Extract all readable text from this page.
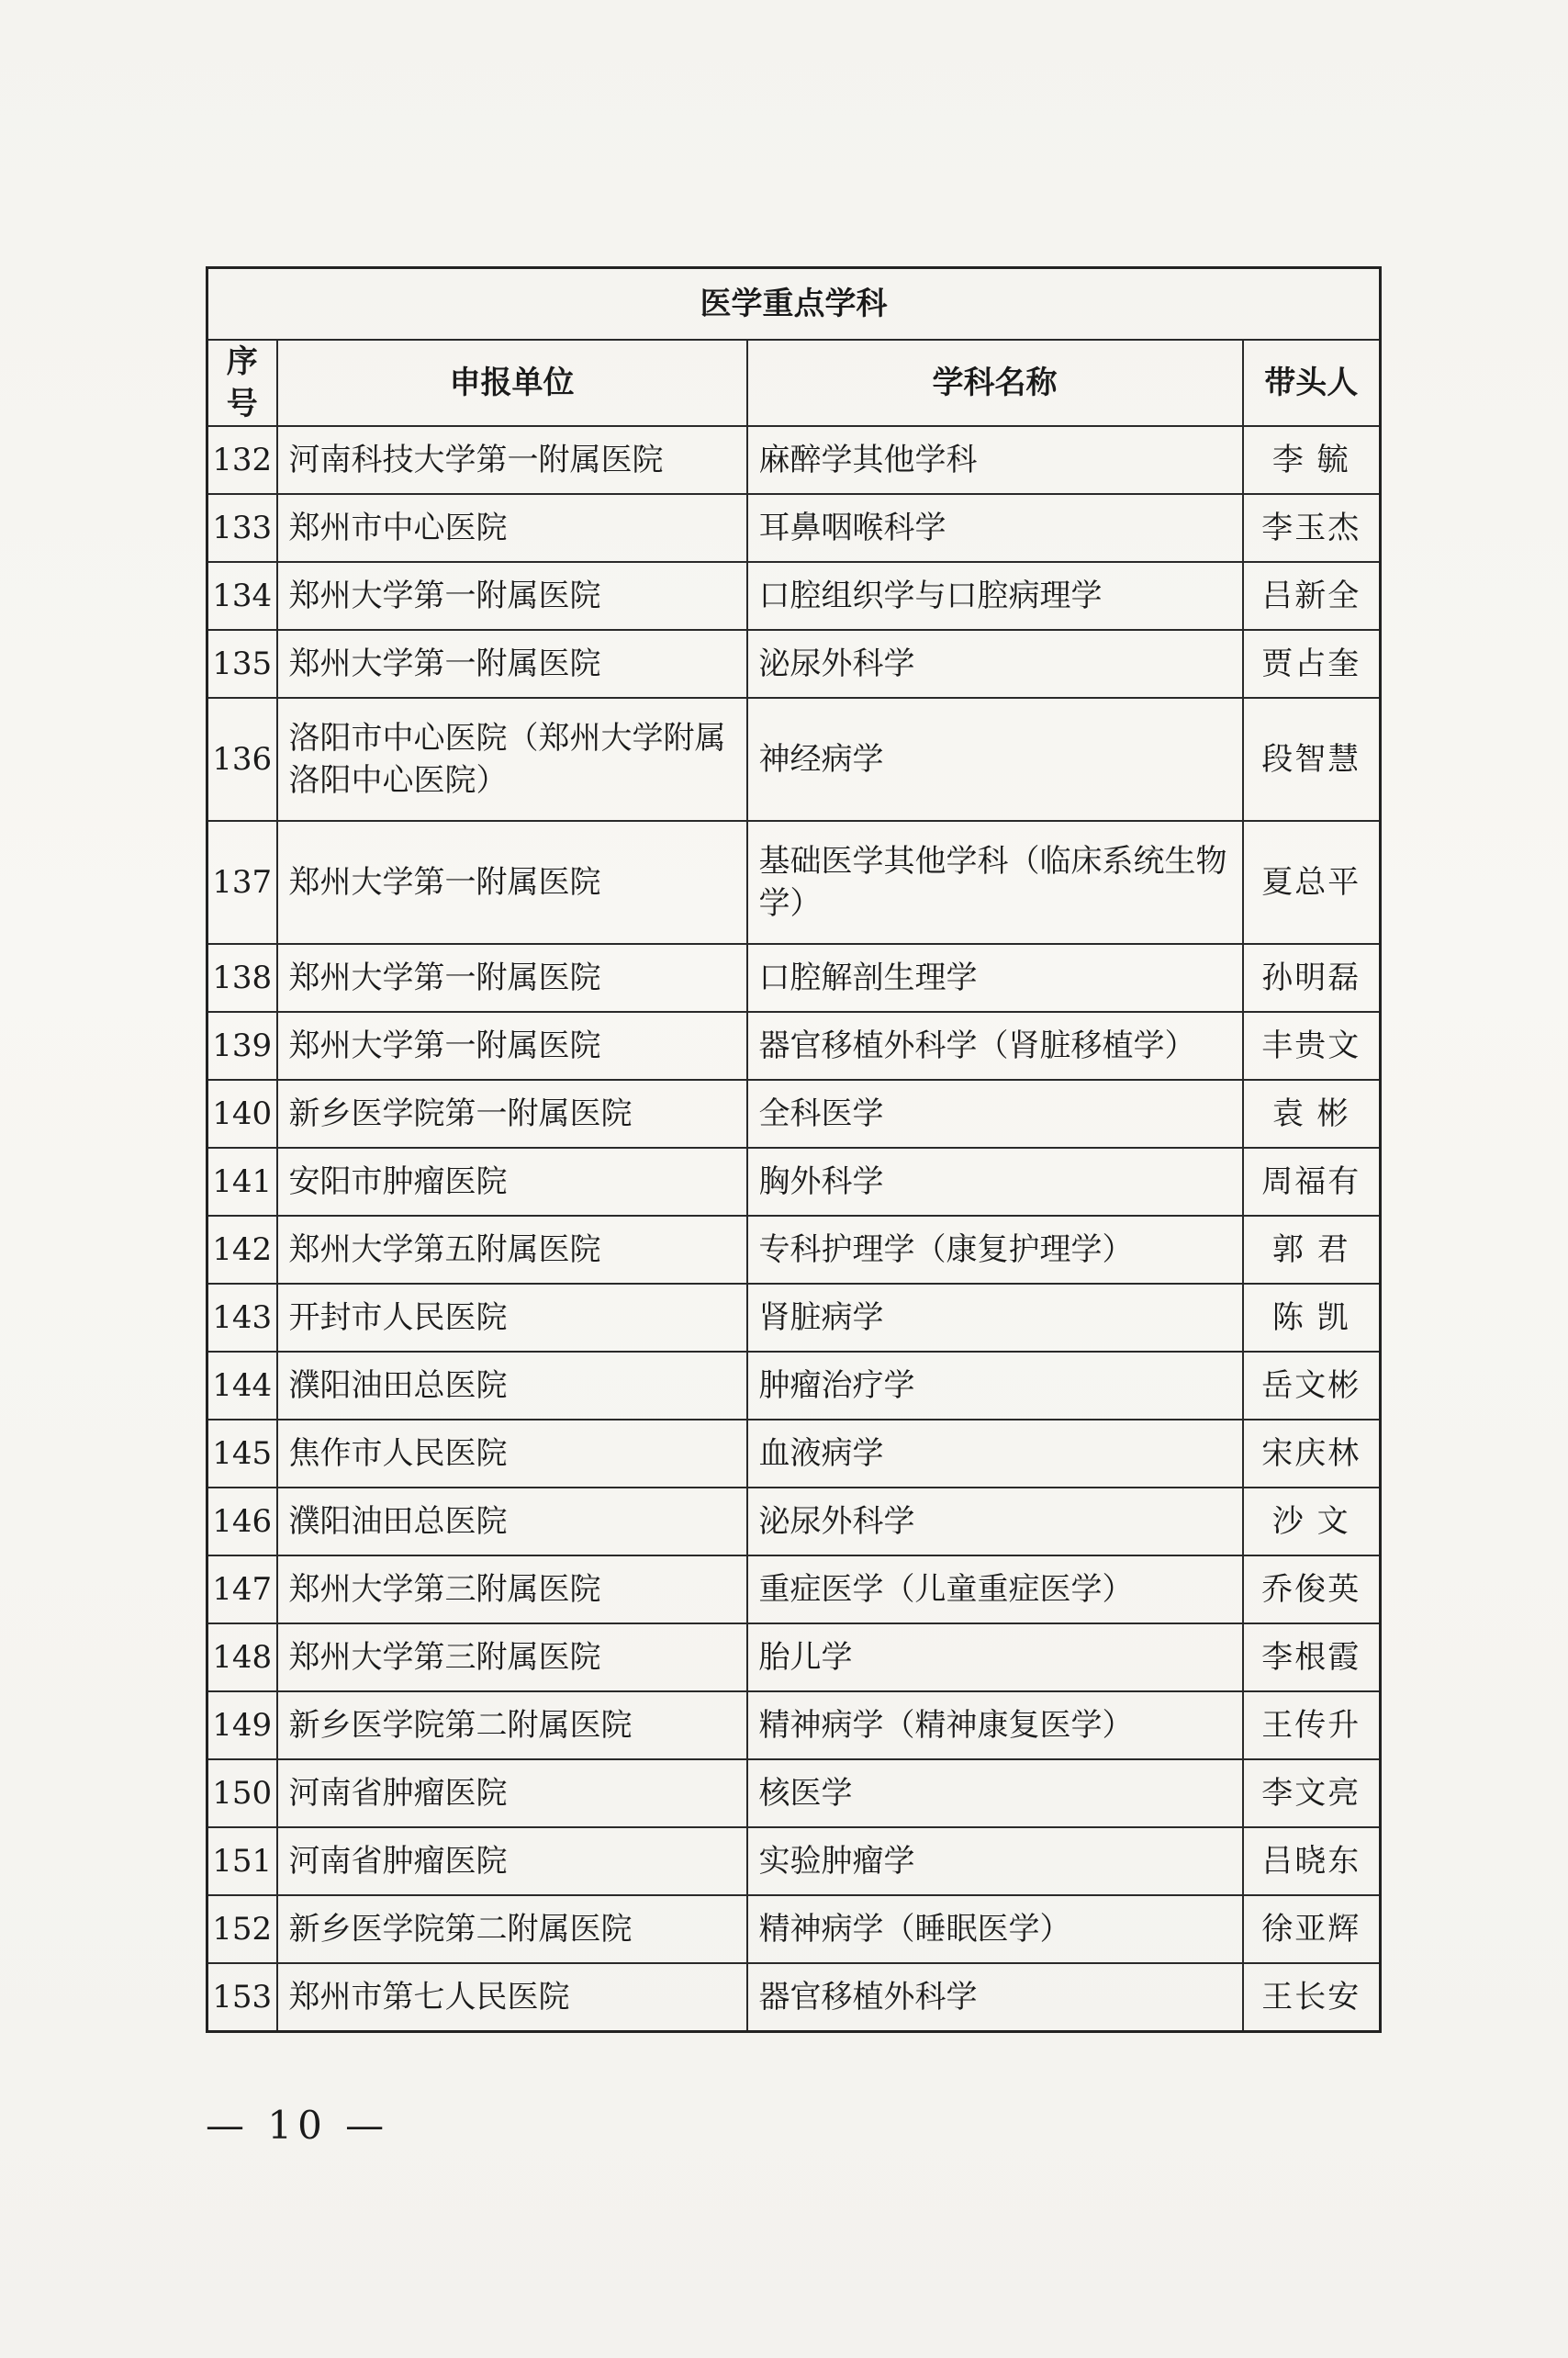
医学重点学科			
序号	申报单位	学科名称	带头人
132	河南科技大学第一附属医院	麻醉学其他学科	李 毓
133	郑州市中心医院	耳鼻咽喉科学	李玉杰
134	郑州大学第一附属医院	口腔组织学与口腔病理学	吕新全
135	郑州大学第一附属医院	泌尿外科学	贾占奎
136	洛阳市中心医院（郑州大学附属洛阳中心医院）	神经病学	段智慧
137	郑州大学第一附属医院	基础医学其他学科（临床系统生物学）	夏总平
138	郑州大学第一附属医院	口腔解剖生理学	孙明磊
139	郑州大学第一附属医院	器官移植外科学（肾脏移植学）	丰贵文
140	新乡医学院第一附属医院	全科医学	袁 彬
141	安阳市肿瘤医院	胸外科学	周福有
142	郑州大学第五附属医院	专科护理学（康复护理学）	郭 君
143	开封市人民医院	肾脏病学	陈 凯
144	濮阳油田总医院	肿瘤治疗学	岳文彬
145	焦作市人民医院	血液病学	宋庆林
146	濮阳油田总医院	泌尿外科学	沙 文
147	郑州大学第三附属医院	重症医学（儿童重症医学）	乔俊英
148	郑州大学第三附属医院	胎儿学	李根霞
149	新乡医学院第二附属医院	精神病学（精神康复医学）	王传升
150	河南省肿瘤医院	核医学	李文亮
151	河南省肿瘤医院	实验肿瘤学	吕晓东
152	新乡医学院第二附属医院	精神病学（睡眠医学）	徐亚辉
153	郑州市第七人民医院	器官移植外科学	王长安
— 10 —
